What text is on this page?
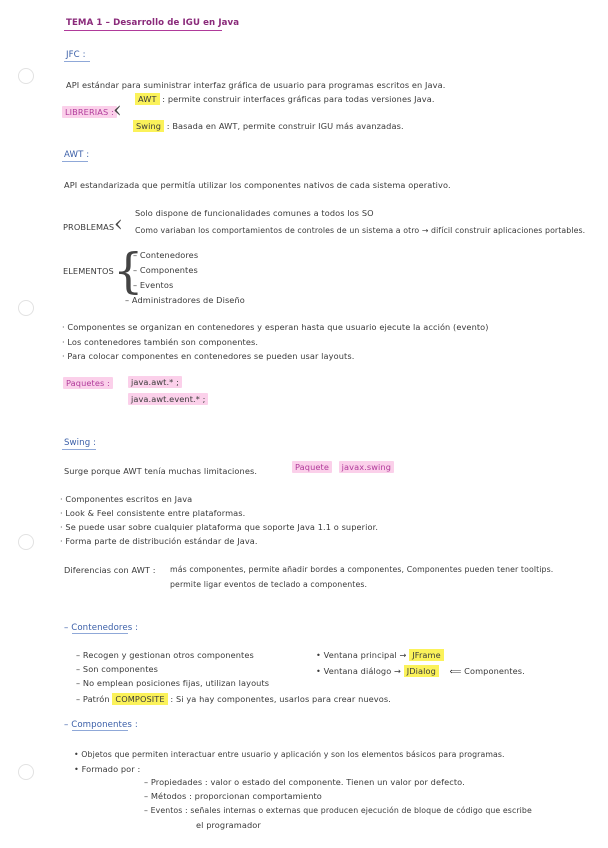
TEMA 1 – Desarrollo de IGU en Java
JFC :
API estándar para suministrar interfaz gráfica de usuario para programas escritos en Java.
LIBRERIAS : ‹	AWT : permite construir interfaces gráficas para todas versiones Java.
Swing : Basada en AWT, permite construir IGU más avanzadas.
AWT :
API estandarizada que permitía utilizar los componentes nativos de cada sistema operativo.
PROBLEMAS ‹ Solo dispone de funcionalidades comunes a todos los SO
Como variaban los comportamientos de controles de un sistema a otro → difícil construir aplicaciones portables.
ELEMENTOS {
– Contenedores
– Componentes
– Eventos
– Administradores de Diseño
· Componentes se organizan en contenedores y esperan hasta que usuario ejecute la acción (evento)
· Los contenedores también son componentes.
· Para colocar componentes en contenedores se pueden usar layouts.
Paquetes :	java.awt.* ;
java.awt.event.* ;
Swing :
Surge porque AWT tenía muchas limitaciones.	Paquete javax.swing
· Componentes escritos en Java
· Look & Feel consistente entre plataformas.
· Se puede usar sobre cualquier plataforma que soporte Java 1.1 o superior.
· Forma parte de distribución estándar de Java.
Diferencias con AWT : más componentes, permite añadir bordes a componentes, Componentes pueden tener tooltips.
permite ligar eventos de teclado a componentes.
– Contenedores :
– Recogen y gestionan otros componentes
– Son componentes
– No emplean posiciones fijas, utilizan layouts
– Patrón COMPOSITE : Si ya hay componentes, usarlos para crear nuevos.
• Ventana principal → JFrame
• Ventana diálogo → JDialog ⟸ Componentes.
– Componentes :
• Objetos que permiten interactuar entre usuario y aplicación y son los elementos básicos para programas.
• Formado por :
– Propiedades : valor o estado del componente. Tienen un valor por defecto.
– Métodos : proporcionan comportamiento
– Eventos : señales internas o externas que producen ejecución de bloque de código que escribe
el programador
